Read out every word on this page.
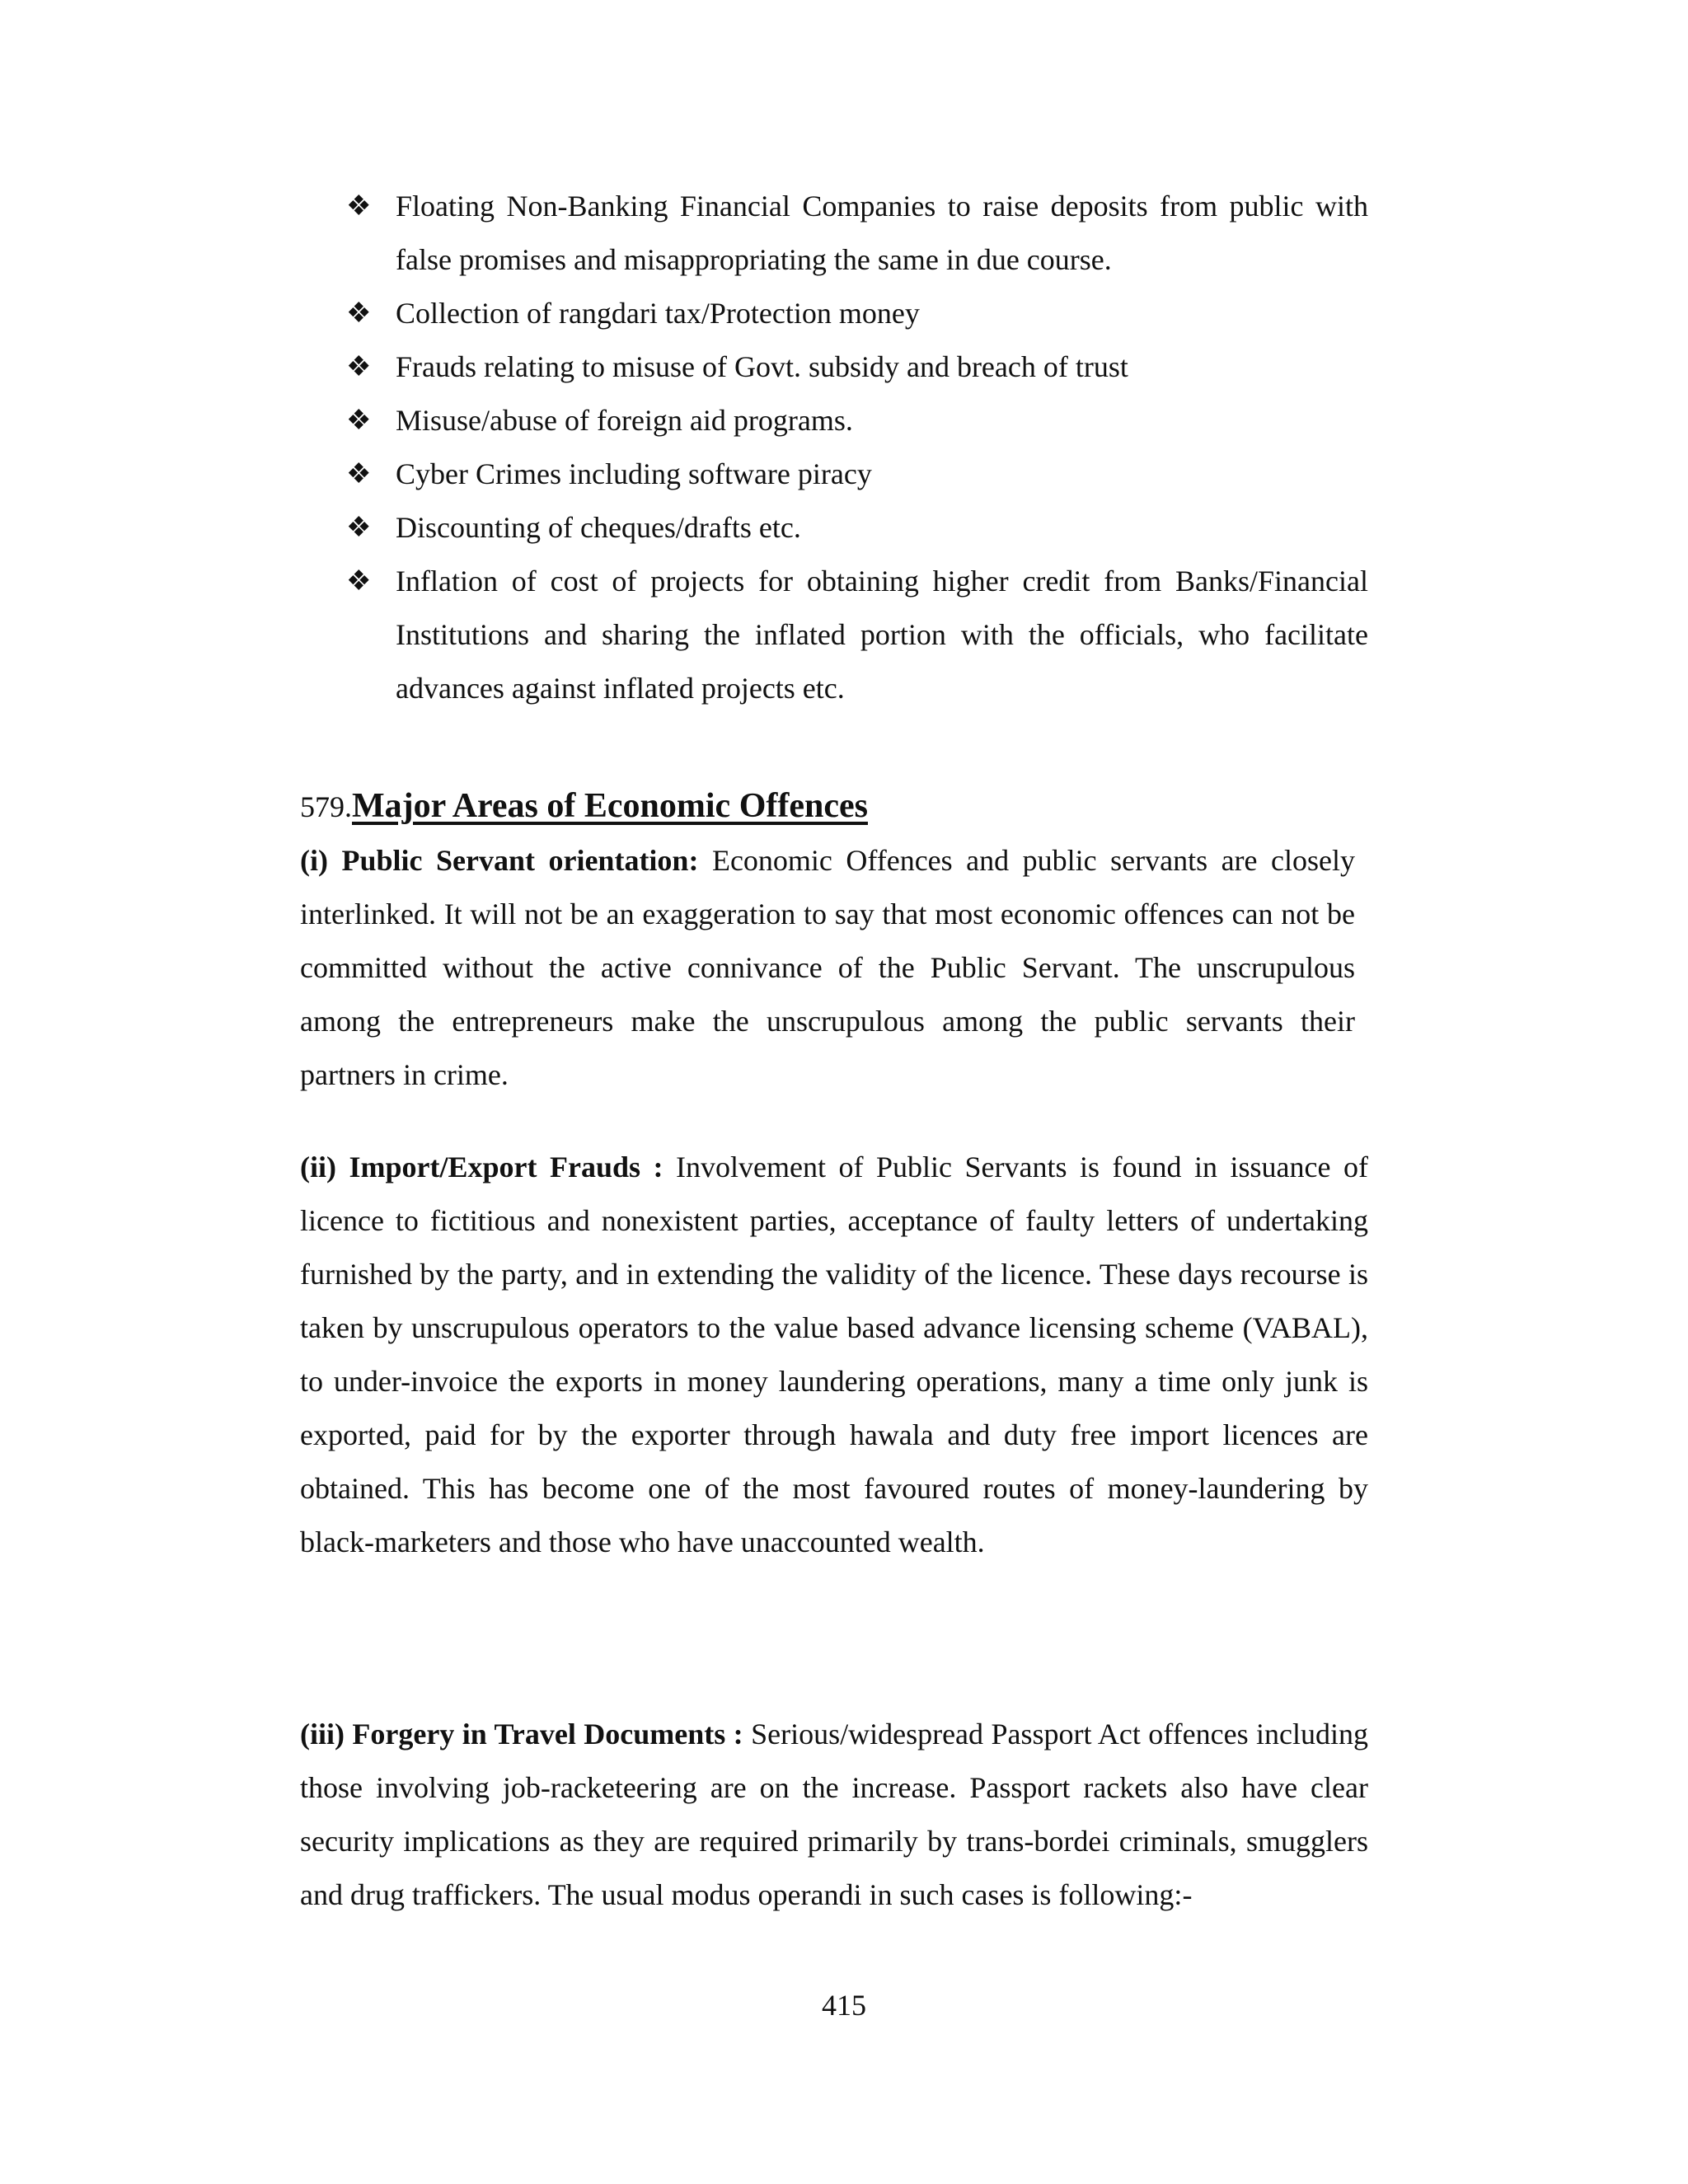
❖ Floating Non-Banking Financial Companies to raise deposits from public with false promises and misappropriating the same in due course.
❖ Collection of rangdari tax/Protection money
❖ Frauds relating to misuse of Govt. subsidy and breach of trust
❖ Misuse/abuse of foreign aid programs.
❖ Cyber Crimes including software piracy
❖ Discounting of cheques/drafts etc.
❖ Inflation of cost of projects for obtaining higher credit from Banks/Financial Institutions and sharing the inflated portion with the officials, who facilitate advances against inflated projects etc.
579.Major Areas of Economic Offences

(i) Public Servant orientation: Economic Offences and public servants are closely interlinked. It will not be an exaggeration to say that most economic offences can not be committed without the active connivance of the Public Servant. The unscrupulous among the entrepreneurs make the unscrupulous among the public servants their partners in crime.

(ii) Import/Export Frauds : Involvement of Public Servants is found in issuance of licence to fictitious and nonexistent parties, acceptance of faulty letters of undertaking furnished by the party, and in extending the validity of the licence. These days recourse is taken by unscrupulous operators to the value based advance licensing scheme (VABAL), to under-invoice the exports in money laundering operations, many a time only junk is exported, paid for by the exporter through hawala and duty free import licences are obtained. This has become one of the most favoured routes of money-laundering by black-marketers and those who have unaccounted wealth.

(iii) Forgery in Travel Documents : Serious/widespread Passport Act offences including those involving job-racketeering are on the increase. Passport rackets also have clear security implications as they are required primarily by trans-bordei criminals, smugglers and drug traffickers. The usual modus operandi in such cases is following:-

415
